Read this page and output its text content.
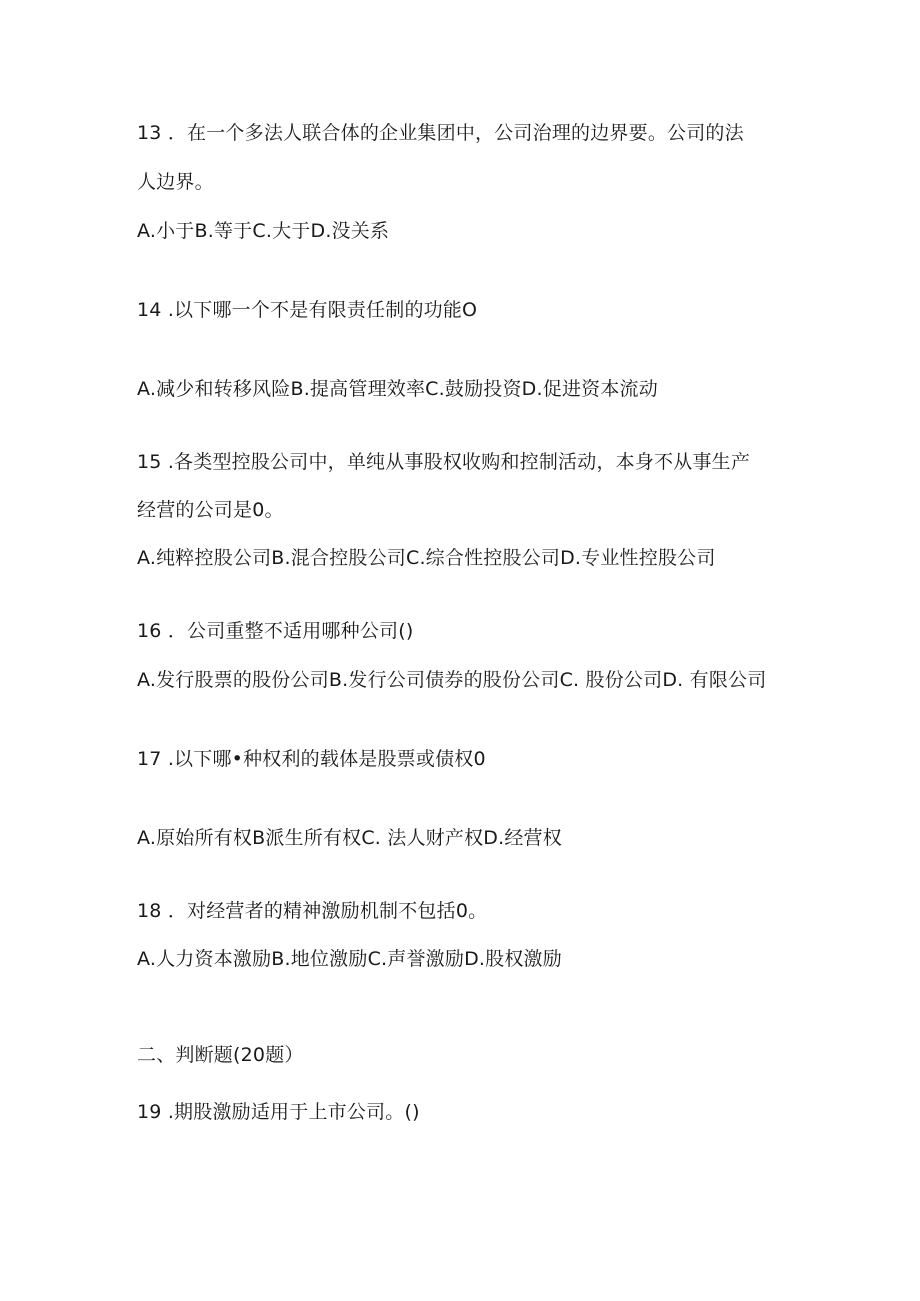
13 ．在一个多法人联合体的企业集团中，公司治理的边界要。公司的法
人边界。
A.小于B.等于C.大于D.没关系
14 .以下哪一个不是有限责任制的功能O
A.减少和转移风险B.提高管理效率C.鼓励投资D.促进资本流动
15 .各类型控股公司中，单纯从事股权收购和控制活动，本身不从事生产
经营的公司是0。
A.纯粹控股公司B.混合控股公司C.综合性控股公司D.专业性控股公司
16 ．公司重整不适用哪种公司()
A.发行股票的股份公司B.发行公司债券的股份公司C. 股份公司D. 有限公司
17 .以下哪•种权利的载体是股票或债权0
A.原始所有权B派生所有权C. 法人财产权D.经营权
18 ．对经营者的精神激励机制不包括0。
A.人力资本激励B.地位激励C.声誉激励D.股权激励
二、判断题(20题）
19 .期股激励适用于上市公司。()
